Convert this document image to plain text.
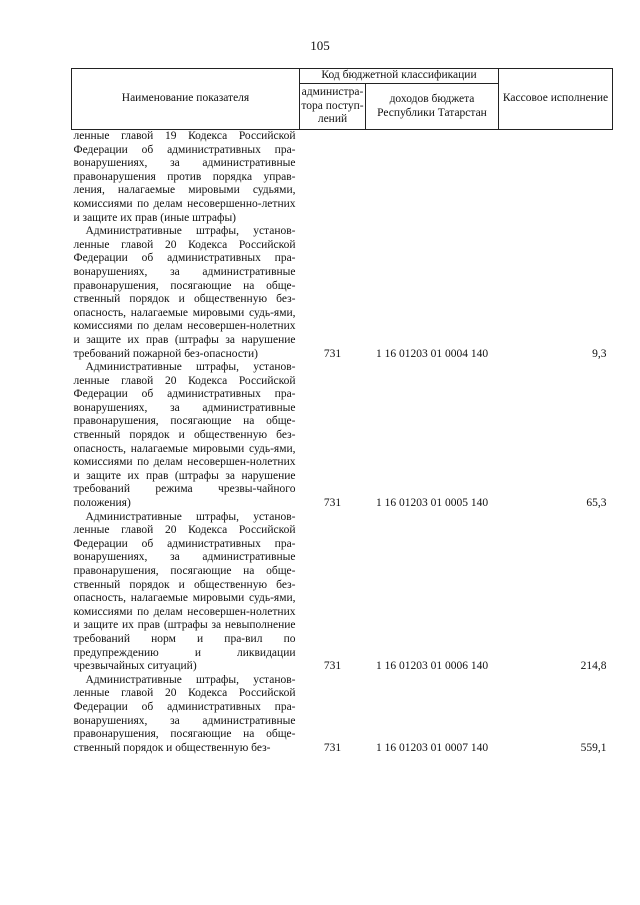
105
Наименование показателя	Код бюджетной классификации		Кассовое исполнение
	администра-тора поступ-лений	доходов бюджета Республики Татарстан	
ленные главой 19 Кодекса Российской Федерации об административных пра-вонарушениях, за административные правонарушения против порядка управ-ления, налагаемые мировыми судьями, комиссиями по делам несовершенно-летних и защите их прав (иные штрафы)			
Административные штрафы, установ-ленные главой 20 Кодекса Российской Федерации об административных пра-вонарушениях, за административные правонарушения, посягающие на обще-ственный порядок и общественную без-опасность, налагаемые мировыми судь-ями, комиссиями по делам несовершен-нолетних и защите их прав (штрафы за нарушение требований пожарной без-опасности)	731	1 16 01203 01 0004 140	9,3
Административные штрафы, установ-ленные главой 20 Кодекса Российской Федерации об административных пра-вонарушениях, за административные правонарушения, посягающие на обще-ственный порядок и общественную без-опасность, налагаемые мировыми судь-ями, комиссиями по делам несовершен-нолетних и защите их прав (штрафы за нарушение требований режима чрезвы-чайного положения)	731	1 16 01203 01 0005 140	65,3
Административные штрафы, установ-ленные главой 20 Кодекса Российской Федерации об административных пра-вонарушениях, за административные правонарушения, посягающие на обще-ственный порядок и общественную без-опасность, налагаемые мировыми судь-ями, комиссиями по делам несовершен-нолетних и защите их прав (штрафы за невыполнение требований норм и пра-вил по предупреждению и ликвидации чрезвычайных ситуаций)	731	1 16 01203 01 0006 140	214,8
Административные штрафы, установ-ленные главой 20 Кодекса Российской Федерации об административных пра-вонарушениях, за административные правонарушения, посягающие на обще-ственный порядок и общественную без-	731	1 16 01203 01 0007 140	559,1
